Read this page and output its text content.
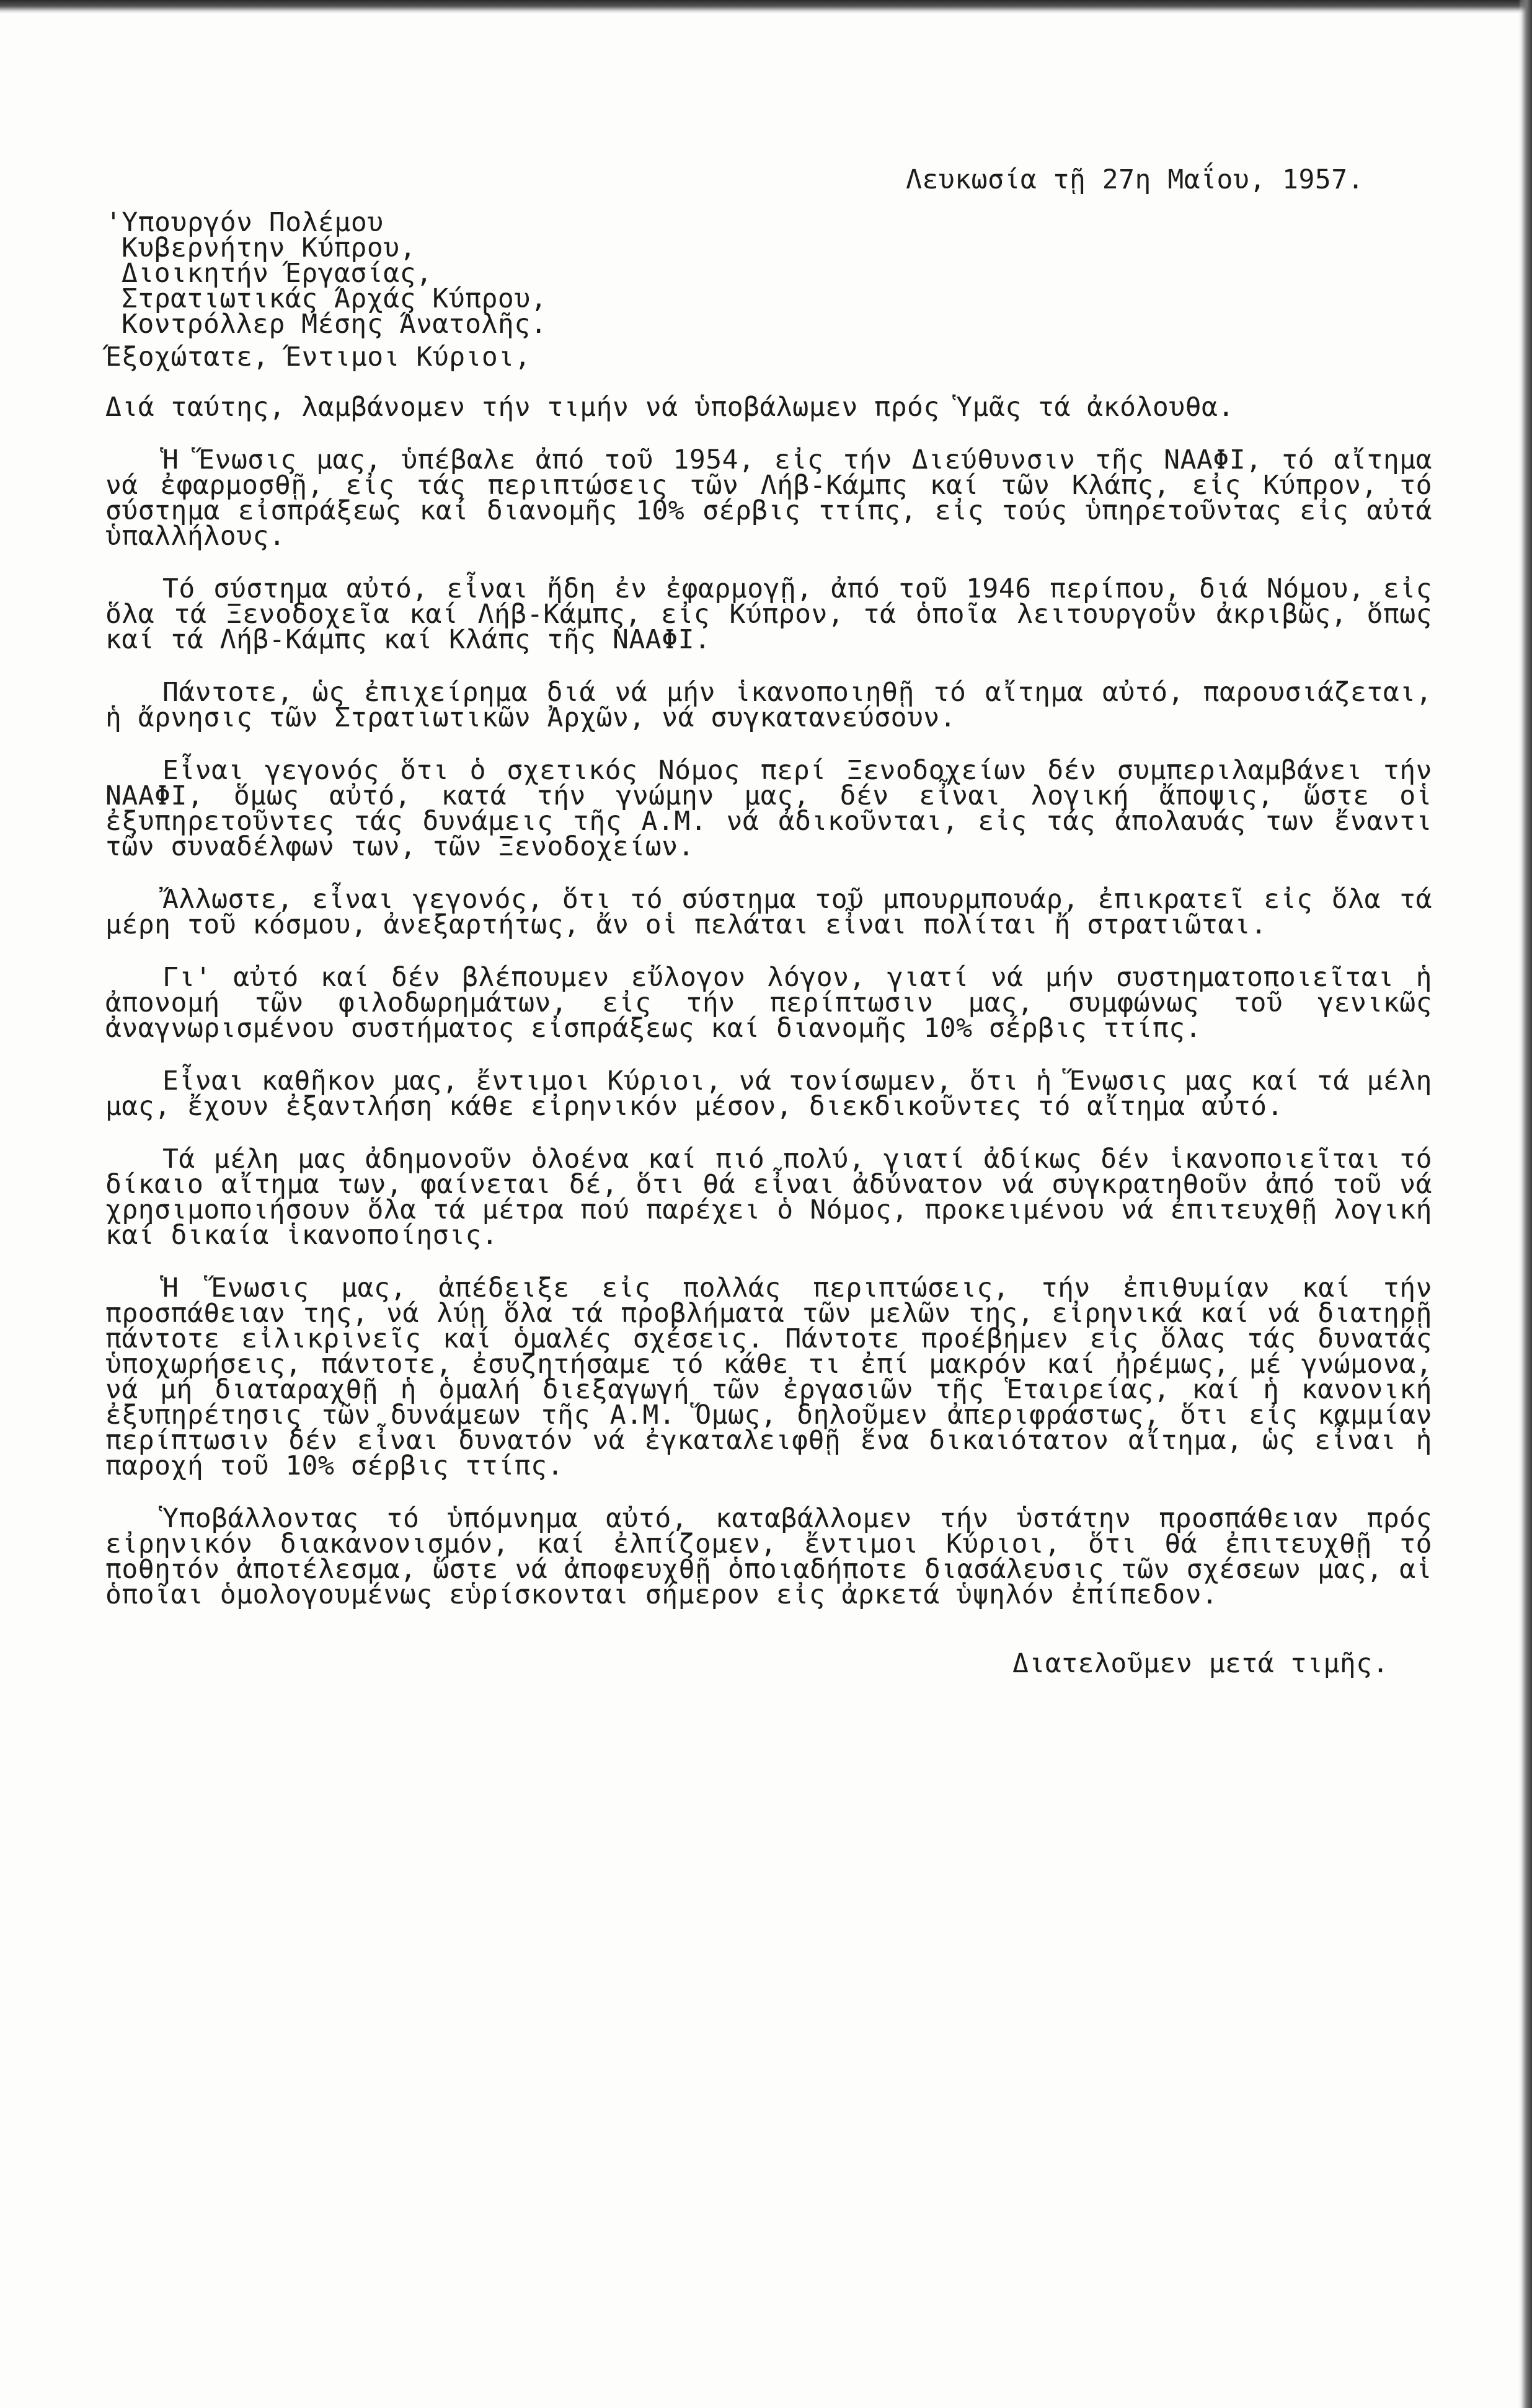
Λευκωσία τῇ 27η Μαΐου, 1957.
'Υπουργόν Πολέμου
Κυβερνήτην Κύπρου,
Διοικητήν Έργασίας,
Στρατιωτικάς Άρχάς Κύπρου,
Κοντρόλλερ Μέσης Άνατολῆς.
Έξοχώτατε, Έντιμοι Κύριοι,
Διά ταύτης, λαμβάνομεν τήν τιμήν νά ὑποβάλωμεν πρός Ὑμᾶς τά ἀκόλουθα.

Ἡ Ἕνωσις μας, ὑπέβαλε ἀπό τοῦ 1954, εἰς τήν Διεύθυνσιν τῆς ΝΑΑΦΙ, τό αἴτημα νά ἐφαρμοσθῇ, εἰς τάς περιπτώσεις τῶν Λήβ-Κάμπς καί τῶν Κλάπς, εἰς Κύπρον, τό σύστημα εἰσπράξεως καί διανομῆς 10% σέρβις ττίπς, εἰς τούς ὑπηρετοῦντας εἰς αὐτά ὑπαλλήλους.

Τό σύστημα αὐτό, εἶναι ἤδη ἐν ἐφαρμογῇ, ἀπό τοῦ 1946 περίπου, διά Νόμου, εἰς ὅλα τά Ξενοδοχεῖα καί Λήβ-Κάμπς, εἰς Κύπρον, τά ὁποῖα λειτουργοῦν ἀκριβῶς, ὅπως καί τά Λήβ-Κάμπς καί Κλάπς τῆς ΝΑΑΦΙ.

Πάντοτε, ὡς ἐπιχείρημα διά νά μήν ἱκανοποιηθῇ τό αἴτημα αὐτό, παρουσιάζεται, ἡ ἄρνησις τῶν Στρατιωτικῶν Ἀρχῶν, νά συγκατανεύσουν.

Εἶναι γεγονός ὅτι ὁ σχετικός Νόμος περί Ξενοδοχείων δέν συμπεριλαμβάνει τήν ΝΑΑΦΙ, ὅμως αὐτό, κατά τήν γνώμην μας, δέν εἶναι λογική ἄποψις, ὥστε οἱ ἐξυπηρετοῦντες τάς δυνάμεις τῆς Α.Μ. νά ἀδικοῦνται, εἰς τάς ἀπολαυάς των ἔναντι τῶν συναδέλφων των, τῶν Ξενοδοχείων.

Ἄλλωστε, εἶναι γεγονός, ὅτι τό σύστημα τοῦ μπουρμπουάρ, ἐπικρατεῖ εἰς ὅλα τά μέρη τοῦ κόσμου, ἀνεξαρτήτως, ἄν οἱ πελάται εἶναι πολίται ἤ στρατιῶται.

Γι' αὐτό καί δέν βλέπουμεν εὔλογον λόγον, γιατί νά μήν συστηματοποιεῖται ἡ ἀπονομή τῶν φιλοδωρημάτων, εἰς τήν περίπτωσιν μας, συμφώνως τοῦ γενικῶς ἀναγνωρισμένου συστήματος εἰσπράξεως καί διανομῆς 10% σέρβις ττίπς.

Εἶναι καθῆκον μας, ἔντιμοι Κύριοι, νά τονίσωμεν, ὅτι ἡ Ἕνωσις μας καί τά μέλη μας, ἔχουν ἐξαντλήση κάθε εἰρηνικόν μέσον, διεκδικοῦντες τό αἴτημα αὐτό.

Τά μέλη μας ἀδημονοῦν ὁλοένα καί πιό πολύ, γιατί ἀδίκως δέν ἱκανοποιεῖται τό δίκαιο αἴτημα των, φαίνεται δέ, ὅτι θά εἶναι ἀδύνατον νά συγκρατηθοῦν ἀπό τοῦ νά χρησιμοποιήσουν ὅλα τά μέτρα πού παρέχει ὁ Νόμος, προκειμένου νά ἐπιτευχθῇ λογική καί δικαία ἱκανοποίησις.

Ἡ Ἕνωσις μας, ἀπέδειξε εἰς πολλάς περιπτώσεις, τήν ἐπιθυμίαν καί τήν προσπάθειαν της, νά λύῃ ὅλα τά προβλήματα τῶν μελῶν της, εἰρηνικά καί νά διατηρῇ πάντοτε εἰλικρινεῖς καί ὁμαλές σχέσεις. Πάντοτε προέβημεν εἰς ὅλας τάς δυνατάς ὑποχωρήσεις, πάντοτε, ἐσυζητήσαμε τό κάθε τι ἐπί μακρόν καί ἠρέμως, μέ γνώμονα, νά μή διαταραχθῇ ἡ ὁμαλή διεξαγωγή τῶν ἐργασιῶν τῆς Ἑταιρείας, καί ἡ κανονική ἐξυπηρέτησις τῶν δυνάμεων τῆς Α.Μ. Ὅμως, δηλοῦμεν ἀπεριφράστως, ὅτι εἰς καμμίαν περίπτωσιν δέν εἶναι δυνατόν νά ἐγκαταλειφθῇ ἕνα δικαιότατον αἴτημα, ὡς εἶναι ἡ παροχή τοῦ 10% σέρβις ττίπς.

Ὑποβάλλοντας τό ὑπόμνημα αὐτό, καταβάλλομεν τήν ὑστάτην προσπάθειαν πρός εἰρηνικόν διακανονισμόν, καί ἐλπίζομεν, ἔντιμοι Κύριοι, ὅτι θά ἐπιτευχθῇ τό ποθητόν ἀποτέλεσμα, ὥστε νά ἀποφευχθῇ ὁποιαδήποτε διασάλευσις τῶν σχέσεων μας, αἱ ὁποῖαι ὁμολογουμένως εὑρίσκονται σήμερον εἰς ἀρκετά ὑψηλόν ἐπίπεδον.

Διατελοῦμεν μετά τιμῆς.
